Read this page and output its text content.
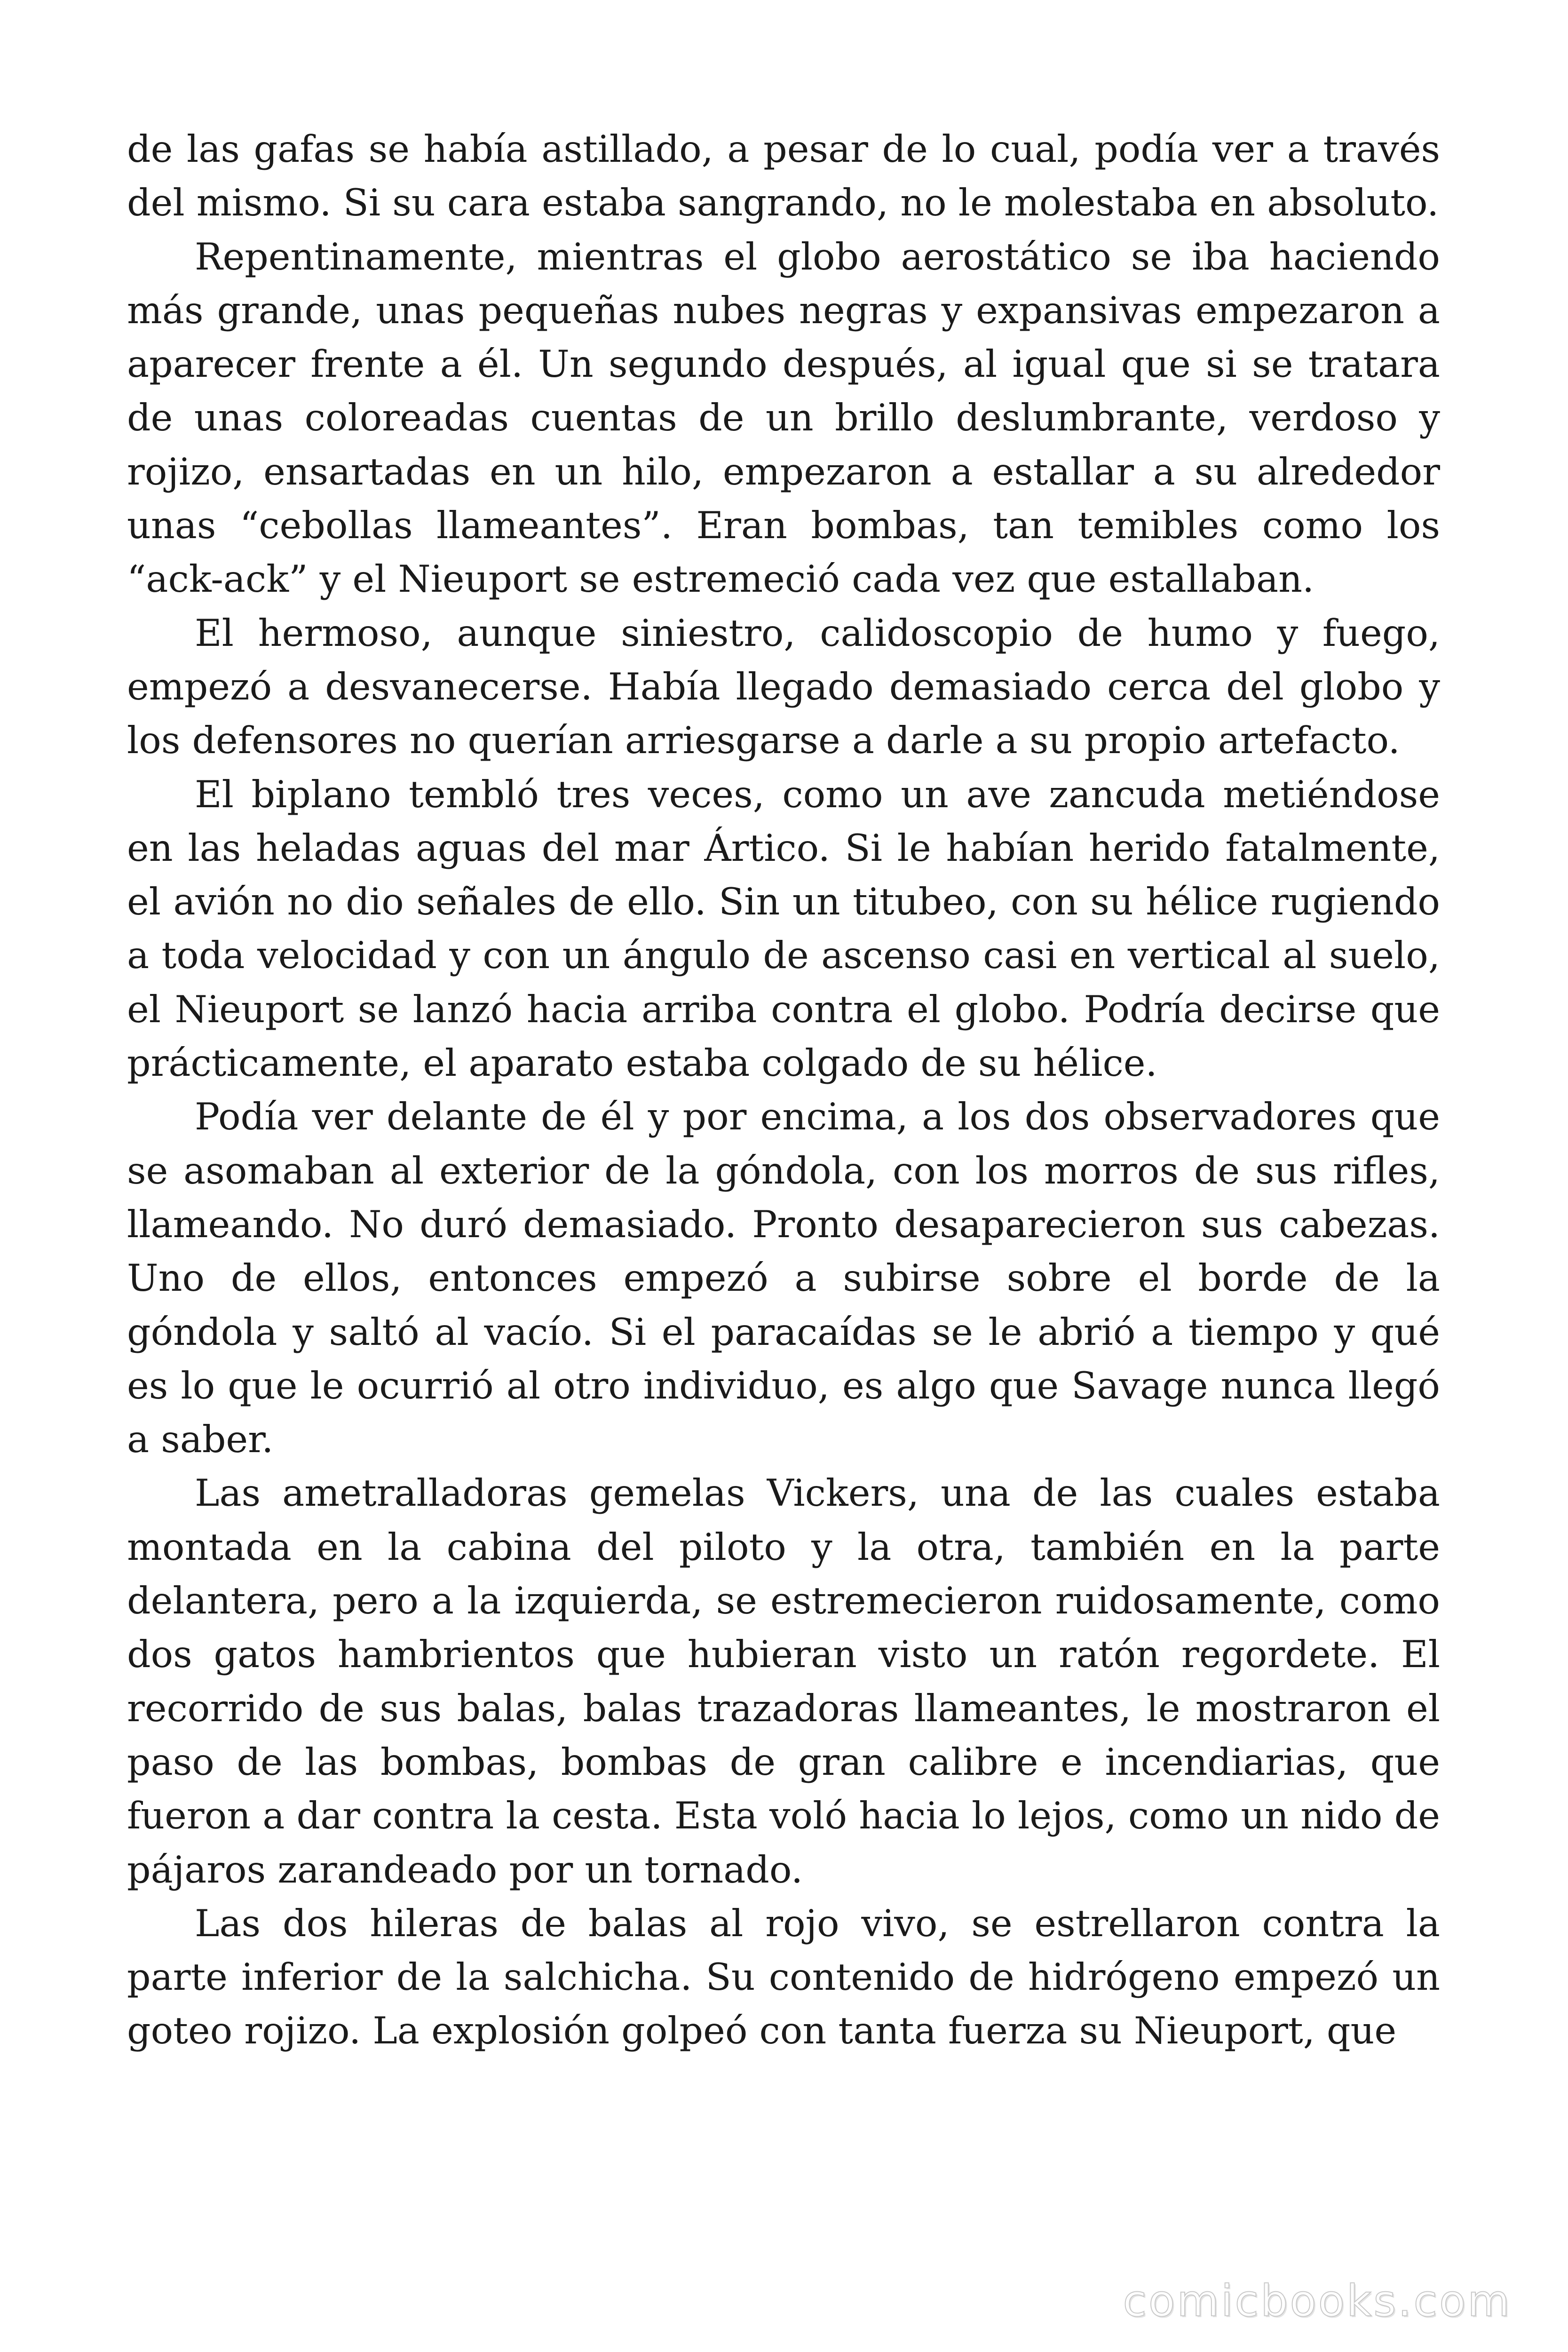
de las gafas se había astillado, a pesar de lo cual, podía ver a través del mismo. Si su cara estaba sangrando, no le molestaba en absoluto.

Repentinamente, mientras el globo aerostático se iba haciendo más grande, unas pequeñas nubes negras y expansivas empezaron a aparecer frente a él. Un segundo después, al igual que si se tratara de unas coloreadas cuentas de un brillo deslumbrante, verdoso y rojizo, ensartadas en un hilo, empezaron a estallar a su alrededor unas “cebollas llameantes”. Eran bombas, tan temibles como los “ack-ack” y el Nieuport se estremeció cada vez que estallaban.

El hermoso, aunque siniestro, calidoscopio de humo y fuego, empezó a desvanecerse. Había llegado demasiado cerca del globo y los defensores no querían arriesgarse a darle a su propio artefacto.

El biplano tembló tres veces, como un ave zancuda metiéndose en las heladas aguas del mar Ártico. Si le habían herido fatalmente, el avión no dio señales de ello. Sin un titubeo, con su hélice rugiendo a toda velocidad y con un ángulo de ascenso casi en vertical al suelo, el Nieuport se lanzó hacia arriba contra el globo. Podría decirse que prácticamente, el aparato estaba colgado de su hélice.

Podía ver delante de él y por encima, a los dos observadores que se asomaban al exterior de la góndola, con los morros de sus rifles, llameando. No duró demasiado. Pronto desaparecieron sus cabezas. Uno de ellos, entonces empezó a subirse sobre el borde de la góndola y saltó al vacío. Si el paracaídas se le abrió a tiempo y qué es lo que le ocurrió al otro individuo, es algo que Savage nunca llegó a saber.

Las ametralladoras gemelas Vickers, una de las cuales estaba montada en la cabina del piloto y la otra, también en la parte delantera, pero a la izquierda, se estremecieron ruidosamente, como dos gatos hambrientos que hubieran visto un ratón regordete. El recorrido de sus balas, balas trazadoras llameantes, le mostraron el paso de las bombas, bombas de gran calibre e incendiarias, que fueron a dar contra la cesta. Esta voló hacia lo lejos, como un nido de pájaros zarandeado por un tornado.

Las dos hileras de balas al rojo vivo, se estrellaron contra la parte inferior de la salchicha. Su contenido de hidrógeno empezó un goteo rojizo. La explosión golpeó con tanta fuerza su Nieuport, que

comicbooks.com
